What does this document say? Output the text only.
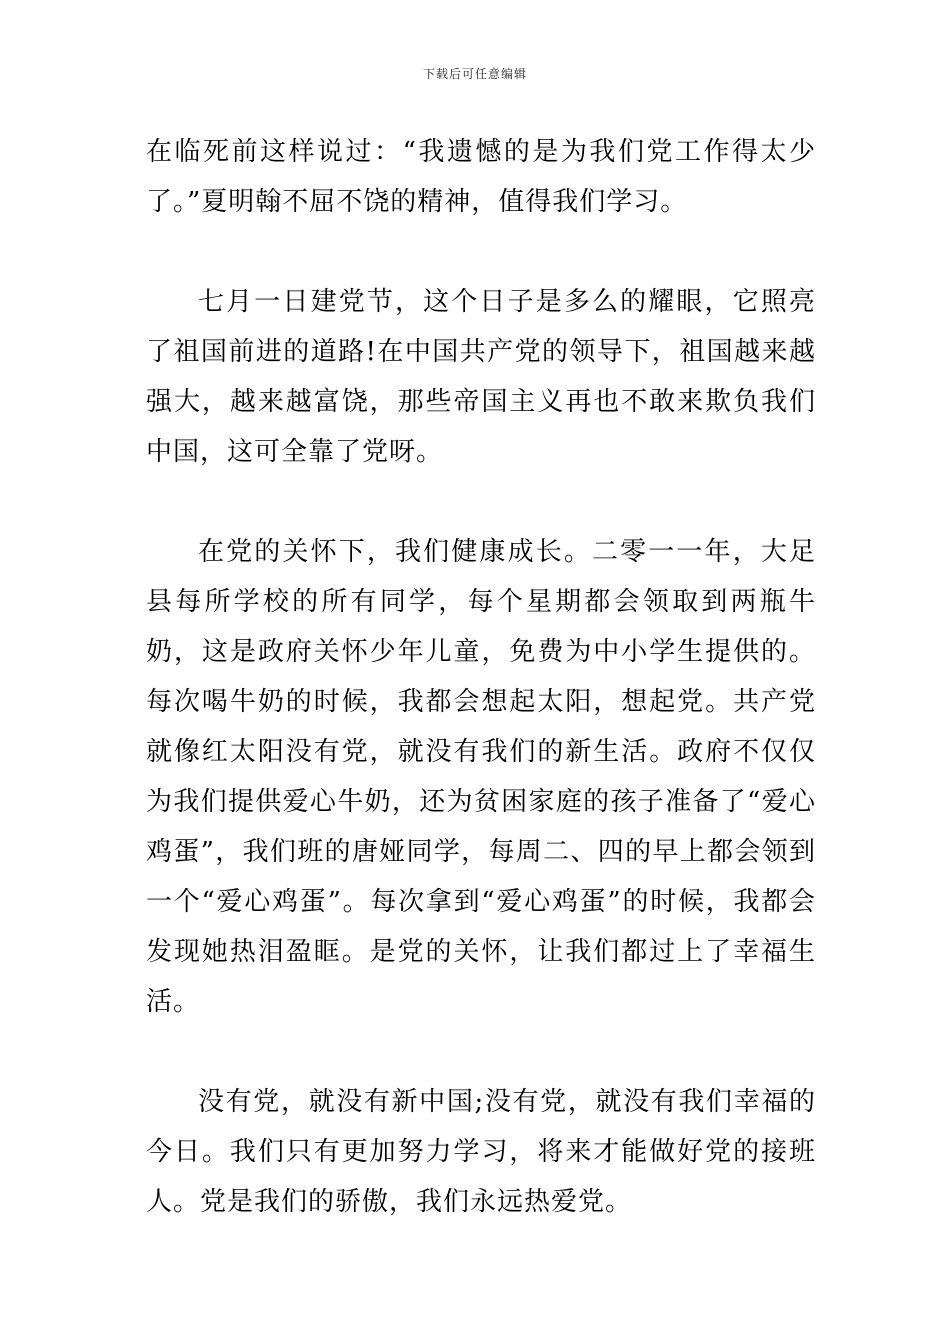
下载后可任意编辑

在临死前这样说过：“我遗憾的是为我们党工作得太少了。”夏明翰不屈不饶的精神，值得我们学习。

七月一日建党节，这个日子是多么的耀眼，它照亮了祖国前进的道路!在中国共产党的领导下，祖国越来越强大，越来越富饶，那些帝国主义再也不敢来欺负我们中国，这可全靠了党呀。

在党的关怀下，我们健康成长。二零一一年，大足县每所学校的所有同学，每个星期都会领取到两瓶牛奶，这是政府关怀少年儿童，免费为中小学生提供的。每次喝牛奶的时候，我都会想起太阳，想起党。共产党就像红太阳没有党，就没有我们的新生活。政府不仅仅为我们提供爱心牛奶，还为贫困家庭的孩子准备了“爱心鸡蛋”，我们班的唐娅同学，每周二、四的早上都会领到一个“爱心鸡蛋”。每次拿到“爱心鸡蛋”的时候，我都会发现她热泪盈眶。是党的关怀，让我们都过上了幸福生活。

没有党，就没有新中国;没有党，就没有我们幸福的今日。我们只有更加努力学习，将来才能做好党的接班人。党是我们的骄傲，我们永远热爱党。
